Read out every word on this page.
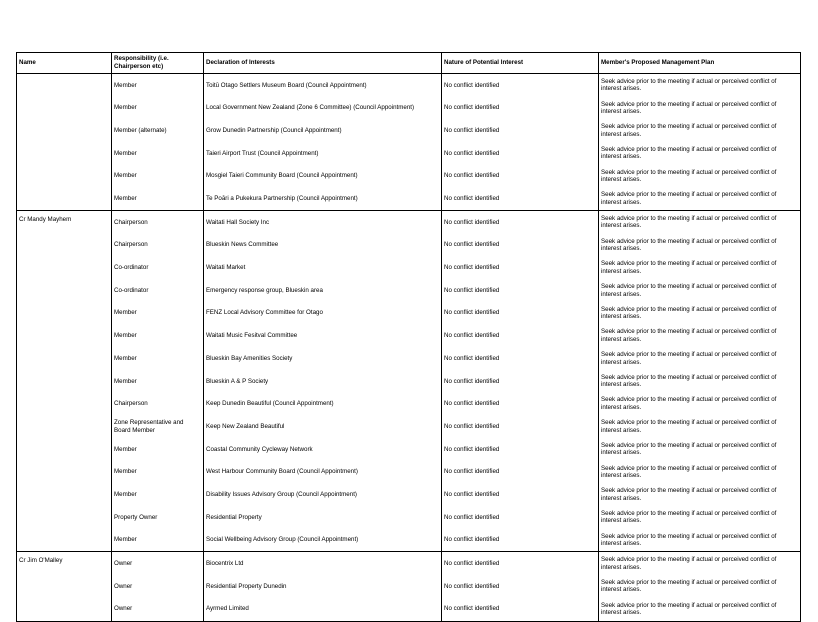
Name	Responsibility (i.e. Chairperson etc)	Declaration of Interests	Nature of Potential Interest	Member's Proposed Management Plan
	Member	Toitū Otago Settlers Museum Board (Council Appointment)	No conflict identified	Seek advice prior to the meeting if actual or perceived conflict of interest arises.
	Member	Local Government New Zealand (Zone 6 Committee) (Council Appointment)	No conflict identified	Seek advice prior to the meeting if actual or perceived conflict of interest arises.
	Member (alternate)	Grow Dunedin Partnership (Council Appointment)	No conflict identified	Seek advice prior to the meeting if actual or perceived conflict of interest arises.
	Member	Taieri Airport Trust (Council Appointment)	No conflict identified	Seek advice prior to the meeting if actual or perceived conflict of interest arises.
	Member	Mosgiel Taieri Community Board (Council Appointment)	No conflict identified	Seek advice prior to the meeting if actual or perceived conflict of interest arises.
	Member	Te Poāri a Pukekura Partnership (Council Appointment)	No conflict identified	Seek advice prior to the meeting if actual or perceived conflict of interest arises.
Cr Mandy Mayhem	Chairperson	Waitati Hall Society Inc	No conflict identified	Seek advice prior to the meeting if actual or perceived conflict of interest arises.
	Chairperson	Blueskin News Committee	No conflict identified	Seek advice prior to the meeting if actual or perceived conflict of interest arises.
	Co-ordinator	Waitati Market	No conflict identified	Seek advice prior to the meeting if actual or perceived conflict of interest arises.
	Co-ordinator	Emergency response group, Blueskin area	No conflict identified	Seek advice prior to the meeting if actual or perceived conflict of interest arises.
	Member	FENZ Local Advisory Committee for Otago	No conflict identified	Seek advice prior to the meeting if actual or perceived conflict of interest arises.
	Member	Waitati Music Fesitval Committee	No conflict identified	Seek advice prior to the meeting if actual or perceived conflict of interest arises.
	Member	Blueskin Bay Amenities Society	No conflict identified	Seek advice prior to the meeting if actual or perceived conflict of interest arises.
	Member	Blueskin A & P Society	No conflict identified	Seek advice prior to the meeting if actual or perceived conflict of interest arises.
	Chairperson	Keep Dunedin Beautiful (Council Appointment)	No conflict identified	Seek advice prior to the meeting if actual or perceived conflict of interest arises.
	Zone Representative and Board Member	Keep New Zealand Beautiful	No conflict identified	Seek advice prior to the meeting if actual or perceived conflict of interest arises.
	Member	Coastal Community Cycleway Network	No conflict identified	Seek advice prior to the meeting if actual or perceived conflict of interest arises.
	Member	West Harbour Community Board (Council Appointment)	No conflict identified	Seek advice prior to the meeting if actual or perceived conflict of interest arises.
	Member	Disability Issues Advisory Group (Council Appointment)	No conflict identified	Seek advice prior to the meeting if actual or perceived conflict of interest arises.
	Property Owner	Residential Property	No conflict identified	Seek advice prior to the meeting if actual or perceived conflict of interest arises.
	Member	Social Wellbeing Advisory Group (Council Appointment)	No conflict identified	Seek advice prior to the meeting if actual or perceived conflict of interest arises.
Cr Jim O'Malley	Owner	Biocentrix Ltd	No conflict identified	Seek advice prior to the meeting if actual or perceived conflict of interest arises.
	Owner	Residential Property Dunedin	No conflict identified	Seek advice prior to the meeting if actual or perceived conflict of interest arises.
	Owner	Ayrmed Limited	No conflict identified	Seek advice prior to the meeting if actual or perceived conflict of interest arises.
